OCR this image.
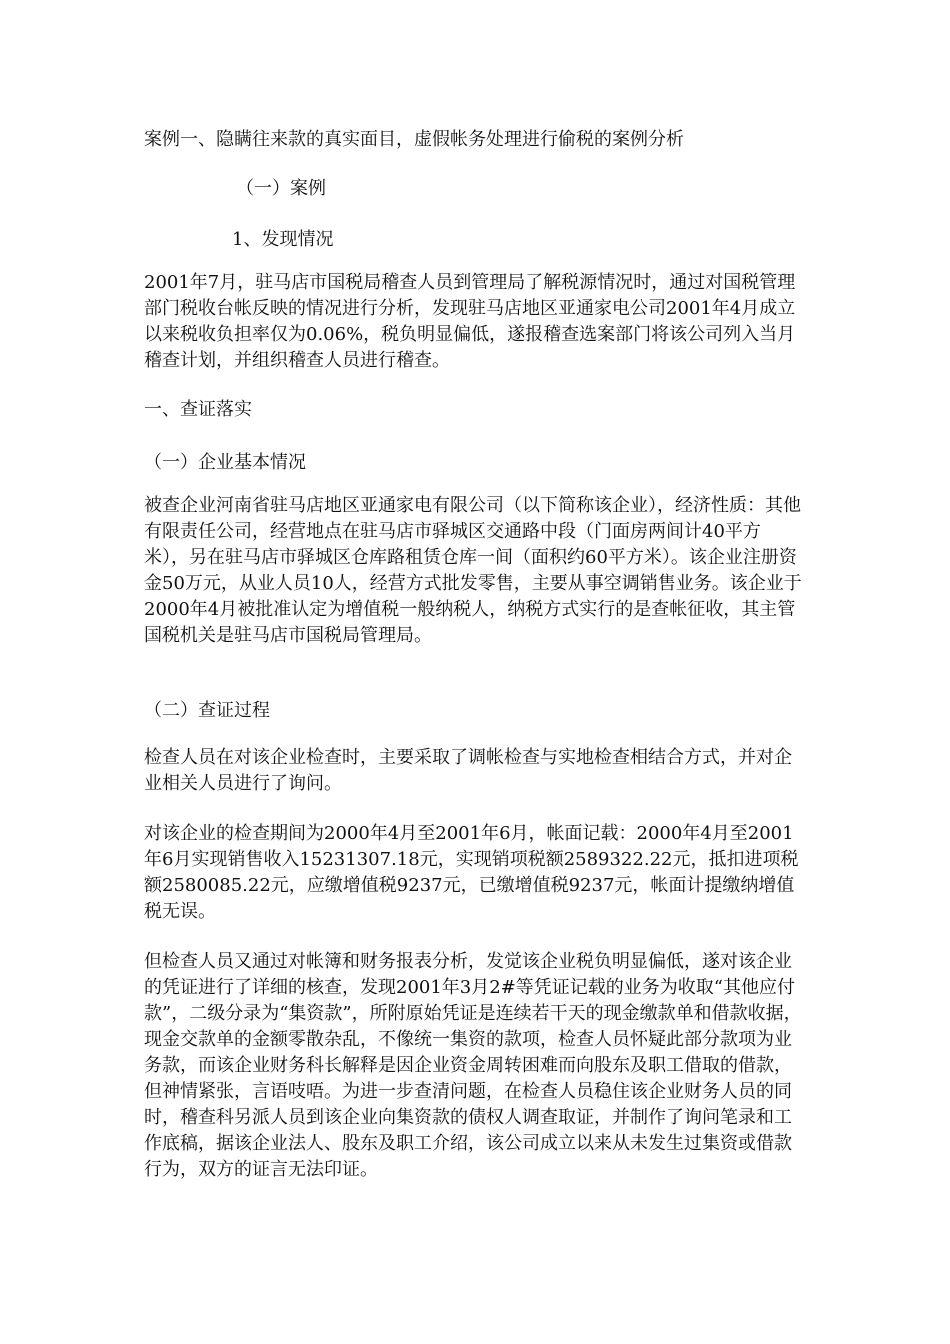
案例一、隐瞒往来款的真实面目，虚假帐务处理进行偷税的案例分析
（一）案例
1、发现情况

2001年7月，驻马店市国税局稽查人员到管理局了解税源情况时，通过对国税管理部门税收台帐反映的情况进行分析，发现驻马店地区亚通家电公司2001年4月成立以来税收负担率仅为0.06%，税负明显偏低，遂报稽查选案部门将该公司列入当月稽查计划，并组织稽查人员进行稽查。

一、查证落实
（一）企业基本情况

被查企业河南省驻马店地区亚通家电有限公司（以下简称该企业），经济性质：其他有限责任公司，经营地点在驻马店市驿城区交通路中段（门面房两间计40平方米），另在驻马店市驿城区仓库路租赁仓库一间（面积约60平方米）。该企业注册资金50万元，从业人员10人，经营方式批发零售，主要从事空调销售业务。该企业于2000年4月被批准认定为增值税一般纳税人，纳税方式实行的是查帐征收，其主管国税机关是驻马店市国税局管理局。

（二）查证过程

检查人员在对该企业检查时，主要采取了调帐检查与实地检查相结合方式，并对企业相关人员进行了询问。

对该企业的检查期间为2000年4月至2001年6月，帐面记载：2000年4月至2001年6月实现销售收入15231307.18元，实现销项税额2589322.22元，抵扣进项税额2580085.22元，应缴增值税9237元，已缴增值税9237元，帐面计提缴纳增值税无误。

但检查人员又通过对帐簿和财务报表分析，发觉该企业税负明显偏低，遂对该企业的凭证进行了详细的核查，发现2001年3月2#等凭证记载的业务为收取“其他应付款”，二级分录为“集资款”，所附原始凭证是连续若干天的现金缴款单和借款收据，现金交款单的金额零散杂乱，不像统一集资的款项，检查人员怀疑此部分款项为业务款，而该企业财务科长解释是因企业资金周转困难而向股东及职工借取的借款，但神情紧张，言语吱唔。为进一步查清问题，在检查人员稳住该企业财务人员的同时，稽查科另派人员到该企业向集资款的债权人调查取证，并制作了询问笔录和工作底稿，据该企业法人、股东及职工介绍，该公司成立以来从未发生过集资或借款行为，双方的证言无法印证。
